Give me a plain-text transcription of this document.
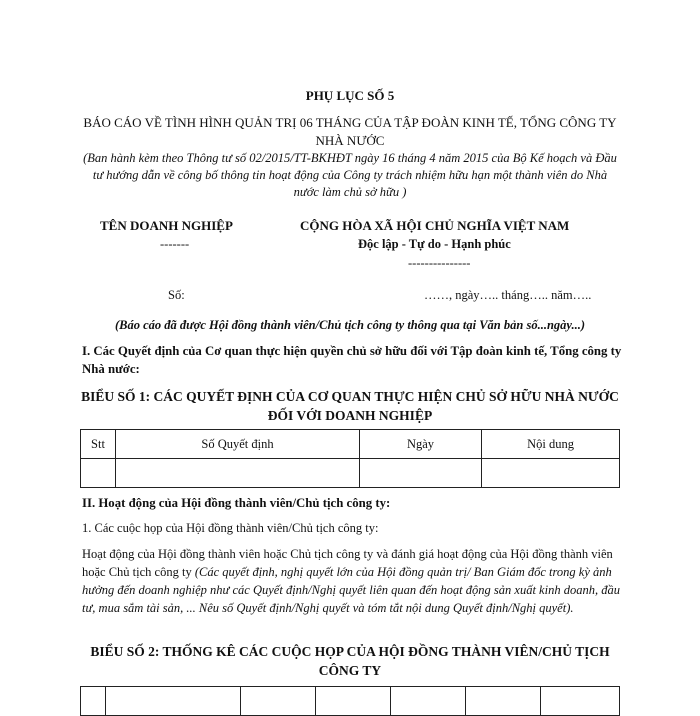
PHỤ LỤC SỐ 5
BÁO CÁO VỀ TÌNH HÌNH QUẢN TRỊ 06 THÁNG CỦA TẬP ĐOÀN KINH TẾ, TỔNG CÔNG TY NHÀ NƯỚC
(Ban hành kèm theo Thông tư số 02/2015/TT-BKHĐT ngày 16 tháng 4 năm 2015 của Bộ Kế hoạch và Đầu tư hướng dẫn về công bố thông tin hoạt động của Công ty trách nhiệm hữu hạn một thành viên do Nhà nước làm chủ sở hữu )
TÊN DOANH NGHIỆP
-------
CỘNG HÒA XÃ HỘI CHỦ NGHĨA VIỆT NAM
Độc lập - Tự do - Hạnh phúc
---------------
Số:	……, ngày….. tháng….. năm…..
(Báo cáo đã được Hội đồng thành viên/Chủ tịch công ty thông qua tại Văn bản số...ngày...)
I. Các Quyết định của Cơ quan thực hiện quyền chủ sở hữu đối với Tập đoàn kinh tế, Tổng công ty Nhà nước:
BIỂU SỐ 1: CÁC QUYẾT ĐỊNH CỦA CƠ QUAN THỰC HIỆN CHỦ SỞ HỮU NHÀ NƯỚC ĐỐI VỚI DOANH NGHIỆP
Stt	Số Quyết định	Ngày	Nội dung

II. Hoạt động của Hội đồng thành viên/Chủ tịch công ty:
1. Các cuộc họp của Hội đồng thành viên/Chủ tịch công ty:
Hoạt động của Hội đồng thành viên hoặc Chủ tịch công ty và đánh giá hoạt động của Hội đồng thành viên hoặc Chủ tịch công ty (Các quyết định, nghị quyết lớn của Hội đồng quản trị/ Ban Giám đốc trong kỳ ảnh hưởng đến doanh nghiệp như các Quyết định/Nghị quyết liên quan đến hoạt động sản xuất kinh doanh, đầu tư, mua sắm tài sản, ... Nêu số Quyết định/Nghị quyết và tóm tắt nội dung Quyết định/Nghị quyết).
BIỂU SỐ 2: THỐNG KÊ CÁC CUỘC HỌP CỦA HỘI ĐỒNG THÀNH VIÊN/CHỦ TỊCH CÔNG TY
